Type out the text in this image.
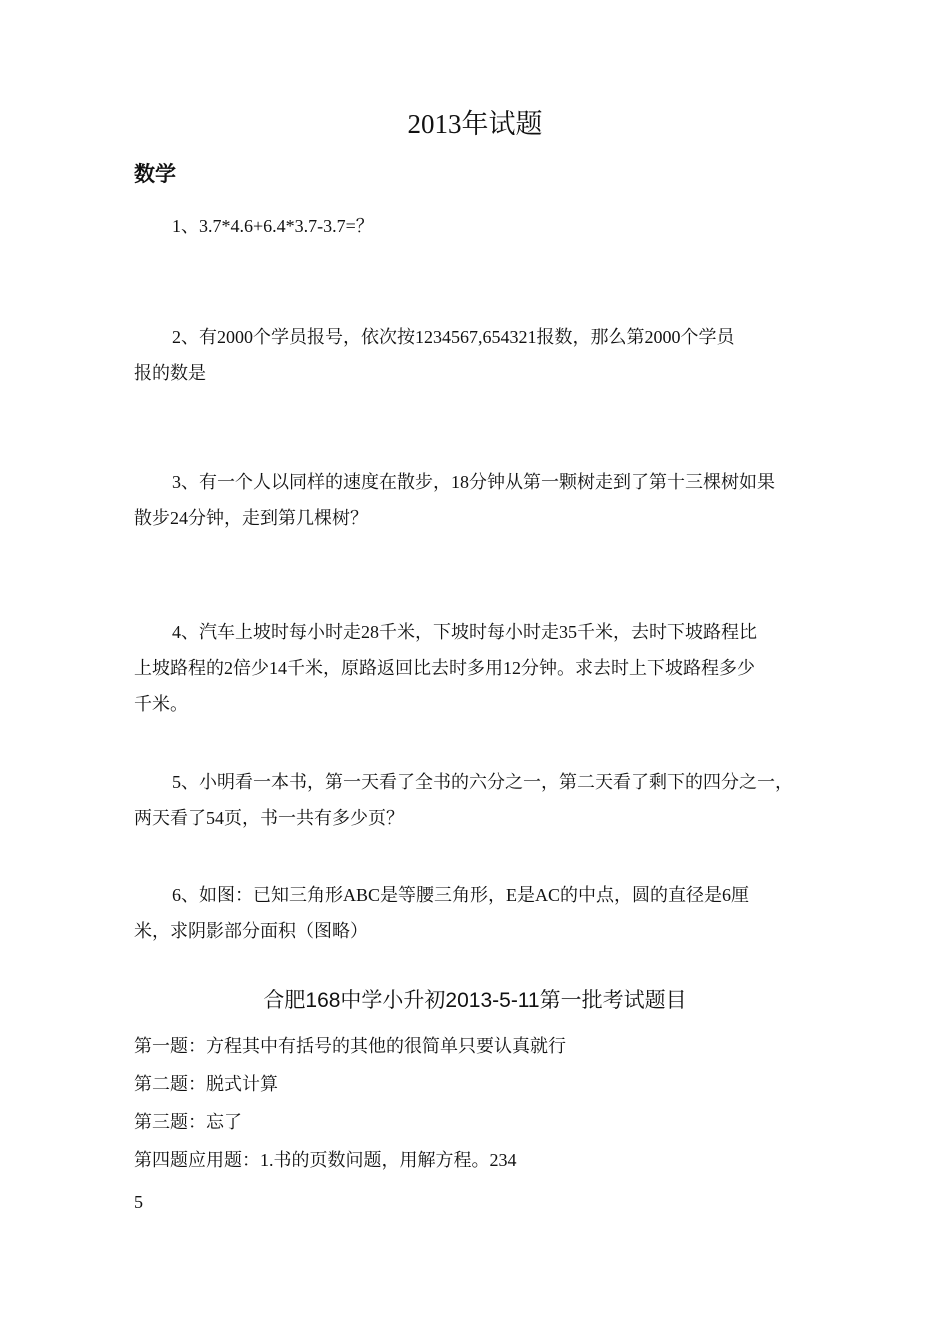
2013年试题
数学
1、3.7*4.6+6.4*3.7-3.7=？
2、有2000个学员报号，依次按1234567,654321报数，那么第2000个学员
报的数是
3、有一个人以同样的速度在散步，18分钟从第一颗树走到了第十三棵树如果
散步24分钟，走到第几棵树？
4、汽车上坡时每小时走28千米，下坡时每小时走35千米，去时下坡路程比
上坡路程的2倍少14千米，原路返回比去时多用12分钟。求去时上下坡路程多少
千米。
5、小明看一本书，第一天看了全书的六分之一，第二天看了剩下的四分之一，
两天看了54页，书一共有多少页？
6、如图：已知三角形ABC是等腰三角形，E是AC的中点，圆的直径是6厘
米，求阴影部分面积（图略）
合肥168中学小升初2013-5-11第一批考试题目
第一题：方程其中有括号的其他的很简单只要认真就行
第二题：脱式计算
第三题：忘了
第四题应用题：1.书的页数问题，用解方程。234
5
